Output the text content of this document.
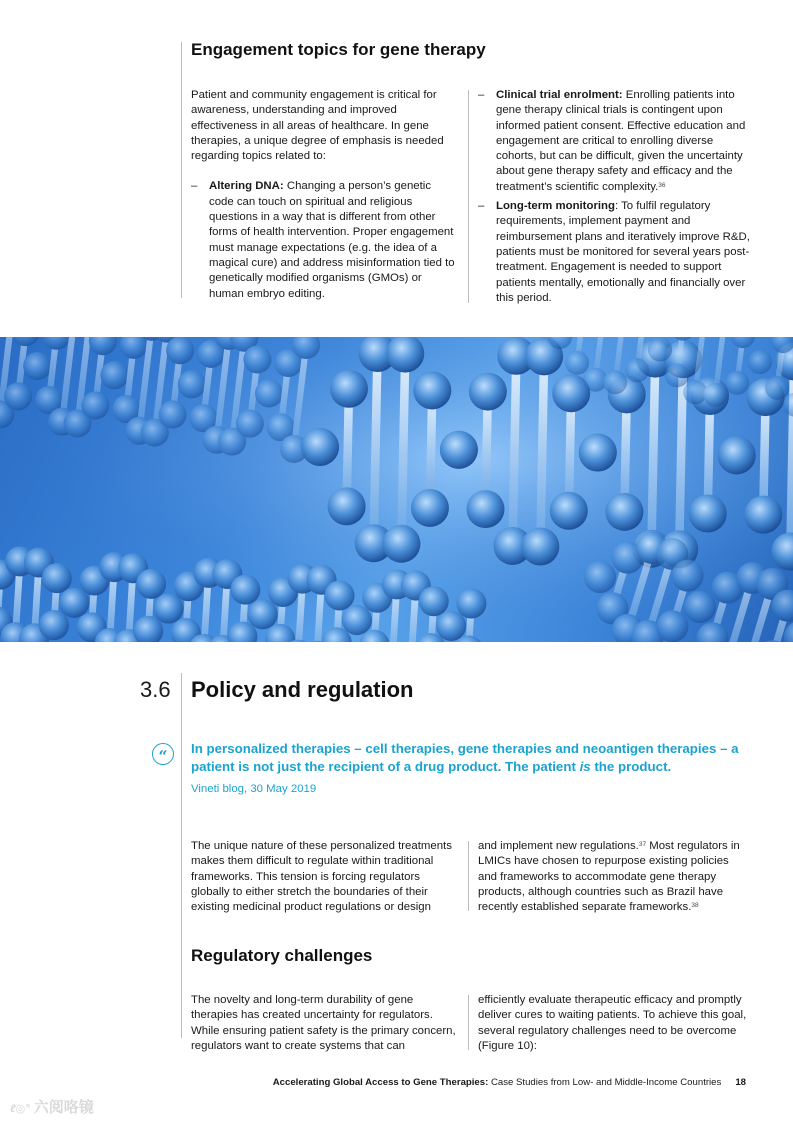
Engagement topics for gene therapy

Patient and community engagement is critical for awareness, understanding and improved effectiveness in all areas of healthcare. In gene therapies, a unique degree of emphasis is needed regarding topics related to:

– Altering DNA: Changing a person’s genetic code can touch on spiritual and religious questions in a way that is different from other forms of health intervention. Proper engagement must manage expectations (e.g. the idea of a magical cure) and address misinformation tied to genetically modified organisms (GMOs) or human embryo editing.
– Clinical trial enrolment: Enrolling patients into gene therapy clinical trials is contingent upon informed patient consent. Effective education and engagement are critical to enrolling diverse cohorts, but can be difficult, given the uncertainty about gene therapy safety and efficacy and the treatment’s scientific complexity.$^{36}$
– Long-term monitoring: To fulfil regulatory requirements, implement payment and reimbursement plans and iteratively improve R&D, patients must be monitored for several years post-treatment. Engagement is needed to support patients mentally, emotionally and financially over this period.
3.6 Policy and regulation
“	In personalized therapies – cell therapies, gene therapies and neoantigen therapies – a patient is not just the recipient of a drug product. The patient is the product.
Vineti blog, 30 May 2019
The unique nature of these personalized treatments makes them difficult to regulate within traditional frameworks. This tension is forcing regulators globally to either stretch the boundaries of their existing medicinal product regulations or design
and implement new regulations.$^{37}$ Most regulators in LMICs have chosen to repurpose existing policies and frameworks to accommodate gene therapy products, although countries such as Brazil have recently established separate frameworks.$^{38}$
Regulatory challenges
The novelty and long-term durability of gene therapies has created uncertainty for regulators. While ensuring patient safety is the primary concern, regulators want to create systems that can
efficiently evaluate therapeutic efficacy and promptly deliver cures to waiting patients. To achieve this goal, several regulatory challenges need to be overcome (Figure 10):
Accelerating Global Access to Gene Therapies: Case Studies from Low- and Middle-Income Countries 18
ℓ◎° 六阅咯镜
